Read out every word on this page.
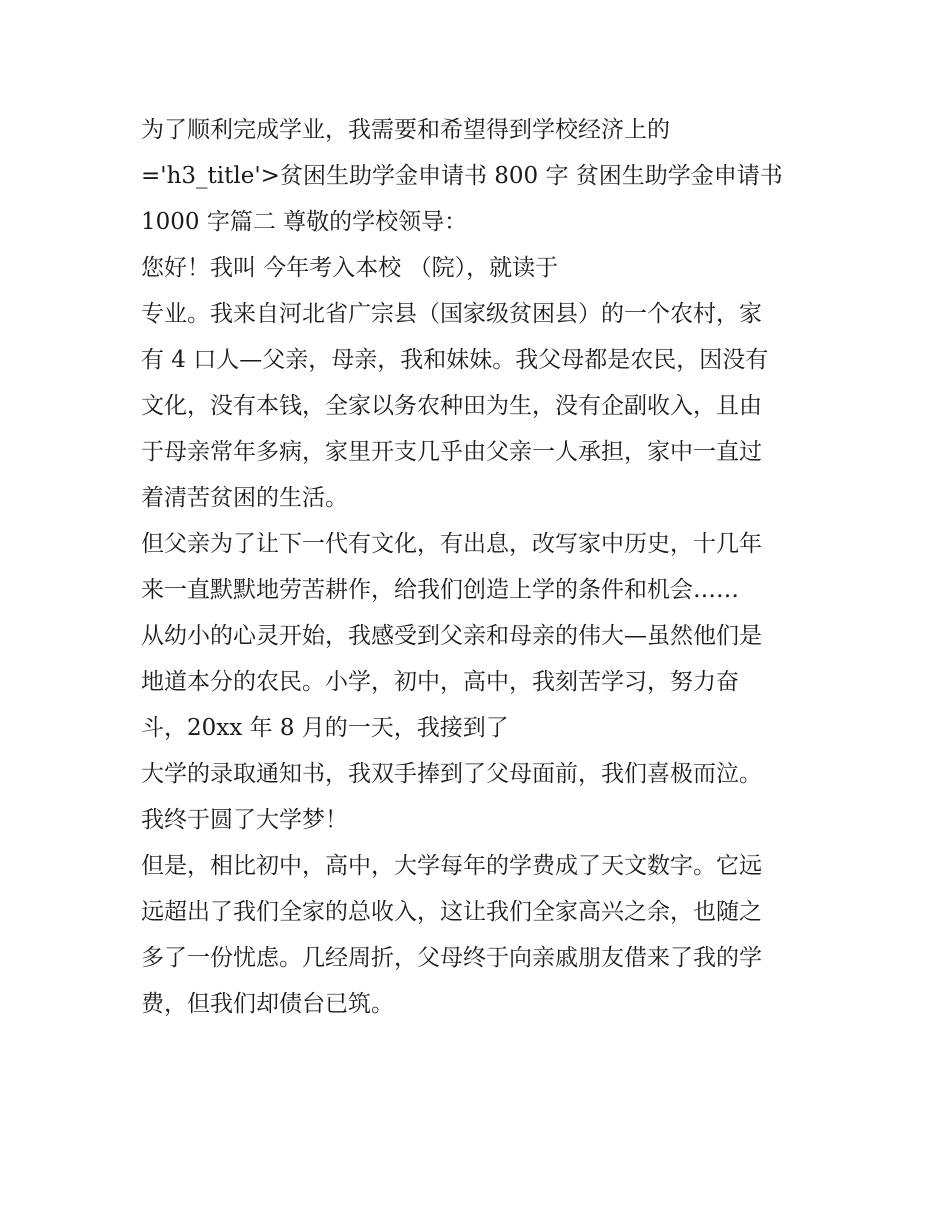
为了顺利完成学业，我需要和希望得到学校经济上的
='h3_title'>贫困生助学金申请书 800 字 贫困生助学金申请书
1000 字篇二 尊敬的学校领导：
您好！我叫 今年考入本校 （院），就读于
专业。我来自河北省广宗县（国家级贫困县）的一个农村，家
有 4 口人—父亲，母亲，我和妹妹。我父母都是农民，因没有
文化，没有本钱，全家以务农种田为生，没有企副收入，且由
于母亲常年多病，家里开支几乎由父亲一人承担，家中一直过
着清苦贫困的生活。
但父亲为了让下一代有文化，有出息，改写家中历史，十几年
来一直默默地劳苦耕作，给我们创造上学的条件和机会……
从幼小的心灵开始，我感受到父亲和母亲的伟大—虽然他们是
地道本分的农民。小学，初中，高中，我刻苦学习，努力奋
斗，20xx 年 8 月的一天，我接到了
大学的录取通知书，我双手捧到了父母面前，我们喜极而泣。
我终于圆了大学梦！
但是，相比初中，高中，大学每年的学费成了天文数字。它远
远超出了我们全家的总收入，这让我们全家高兴之余，也随之
多了一份忧虑。几经周折，父母终于向亲戚朋友借来了我的学
费，但我们却债台已筑。
